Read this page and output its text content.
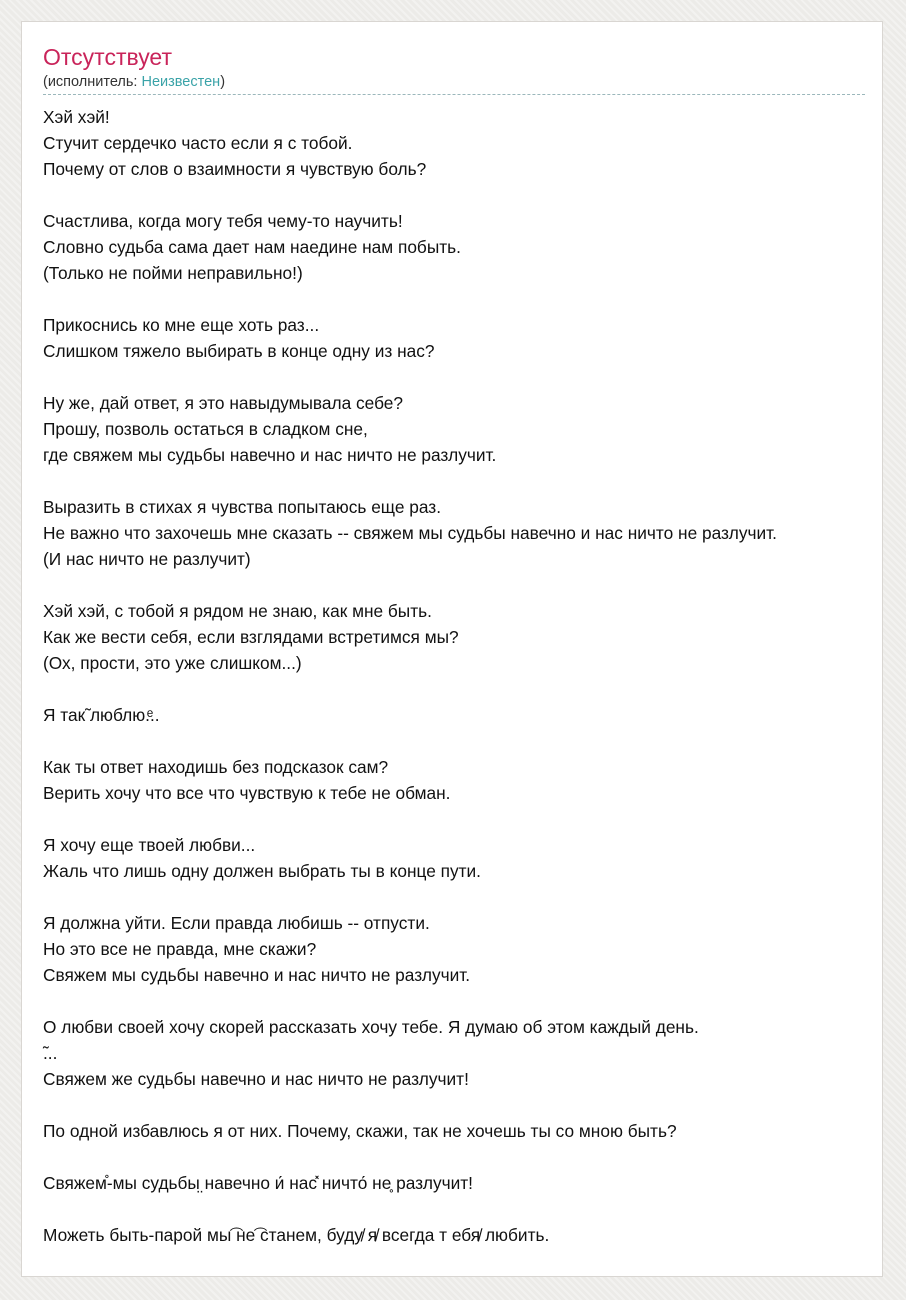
Отсутствует
(исполнитель: Неизвестен)
Хэй хэй!
Стучит сердечко часто если я с тобой.
Почему от слов о взаимности я чувствую боль?
Счастлива, когда могу тебя чему-то научить!
Словно судьба сама дает нам наедине нам побыть.
(Только не пойми неправильно!)
Прикоснись ко мне еще хоть раз...
Слишком тяжело выбирать в конце одну из нас?
Ну же, дай ответ, я это навыдумывала себе?
Прошу, позволь остаться в сладком сне,
где свяжем мы судьбы навечно и нас ничто не разлучит.
Выразить в стихах я чувства попытаюсь еще раз.
Не важно что захочешь мне сказать -- свяжем мы судьбы навечно и нас ничто не разлучит.
(И нас ничто не разлучит)
Хэй хэй, с тобой я рядом не знаю, как мне быть.
Как же вести себя, если взглядами встретимся мы?
(Ох, прости, это уже слишком...)
Я так̃ люблю.ͤ..
Как ты ответ находишь без подсказок сам?
Верить хочу что все что чувствую к тебе не обман.
Я хочу еще твоей любви...
Жаль что лишь одну должен выбрать ты в конце пути.
Я должна уйти. Если правда любишь -- отпусти.
Но это все не правда, мне скажи?
Свяжем мы судьбы навечно и нас ничто не разлучит.
О любви своей хочу скорей рассказать хочу тебе. Я думаю об этом каждый день.
̃...
Свяжем же судьбы навечно и нас ничто не разлучит!
По одной избавлюсь я от них. Почему, скажи, так не хочешь ты со мною быть?
Свяжем̊-мы судьбы̤ навечно и́ нас̽ ничто́ не̥ разлучит!
Можеть быть-парой мы͡ не͡ станем, буду̸ я̸ всегда т ебя̸ любить.
